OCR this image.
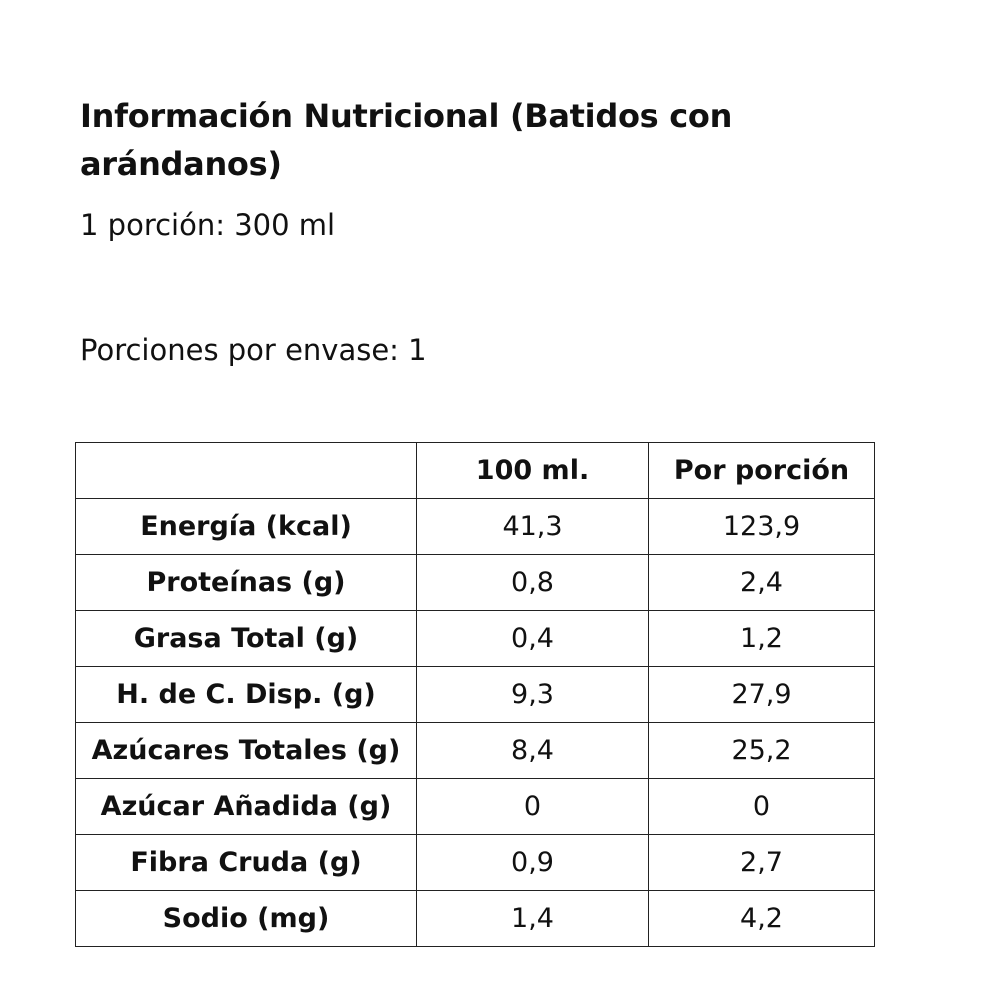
Información Nutricional (Batidos con arándanos)

1 porción: 300 ml

Porciones por envase: 1

	100 ml.	Por porción
Energía (kcal)	41,3	123,9
Proteínas (g)	0,8	2,4
Grasa Total (g)	0,4	1,2
H. de C. Disp. (g)	9,3	27,9
Azúcares Totales (g)	8,4	25,2
Azúcar Añadida (g)	0	0
Fibra Cruda (g)	0,9	2,7
Sodio (mg)	1,4	4,2
